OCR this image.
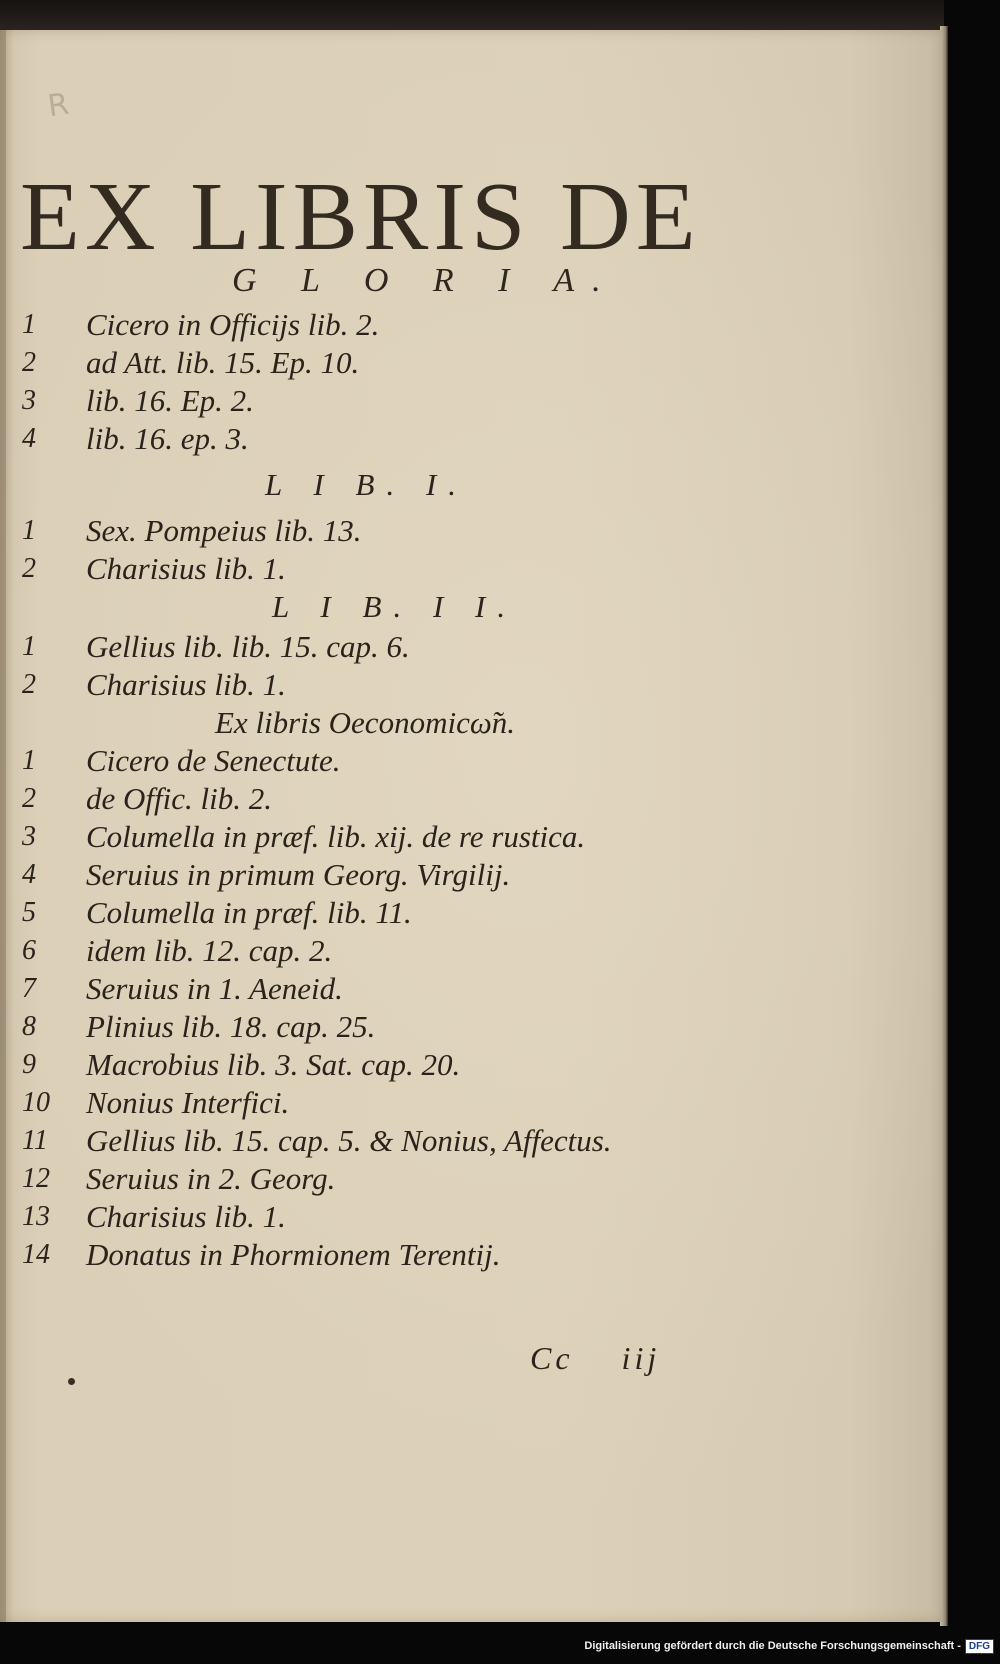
R
EX LIBRIS DE
G L O R I A.
1	Cicero in Officijs lib. 2.
2	ad Att. lib. 15. Ep. 10.
3	lib. 16. Ep. 2.
4	lib. 16. ep. 3.
L I B. I.
1	Sex. Pompeius lib. 13.
2	Charisius lib. 1.
L I B. I I.
1	Gellius lib. lib. 15. cap. 6.
2	Charisius lib. 1.
Ex libris Oeconomicω̃n.
1	Cicero de Senectute.
2	de Offic. lib. 2.
3	Columella in præf. lib. xij. de re rustica.
4	Seruius in primum Georg. Virgilij.
5	Columella in præf. lib. 11.
6	idem lib. 12. cap. 2.
7	Seruius in 1. Aeneid.
8	Plinius lib. 18. cap. 25.
9	Macrobius lib. 3. Sat. cap. 20.
10	Nonius Interfici.
11	Gellius lib. 15. cap. 5. & Nonius, Affectus.
12	Seruius in 2. Georg.
13	Charisius lib. 1.
14	Donatus in Phormionem Terentij.
Cc    iij
Digitalisierung gefördert durch die Deutsche Forschungsgemeinschaft - DFG
